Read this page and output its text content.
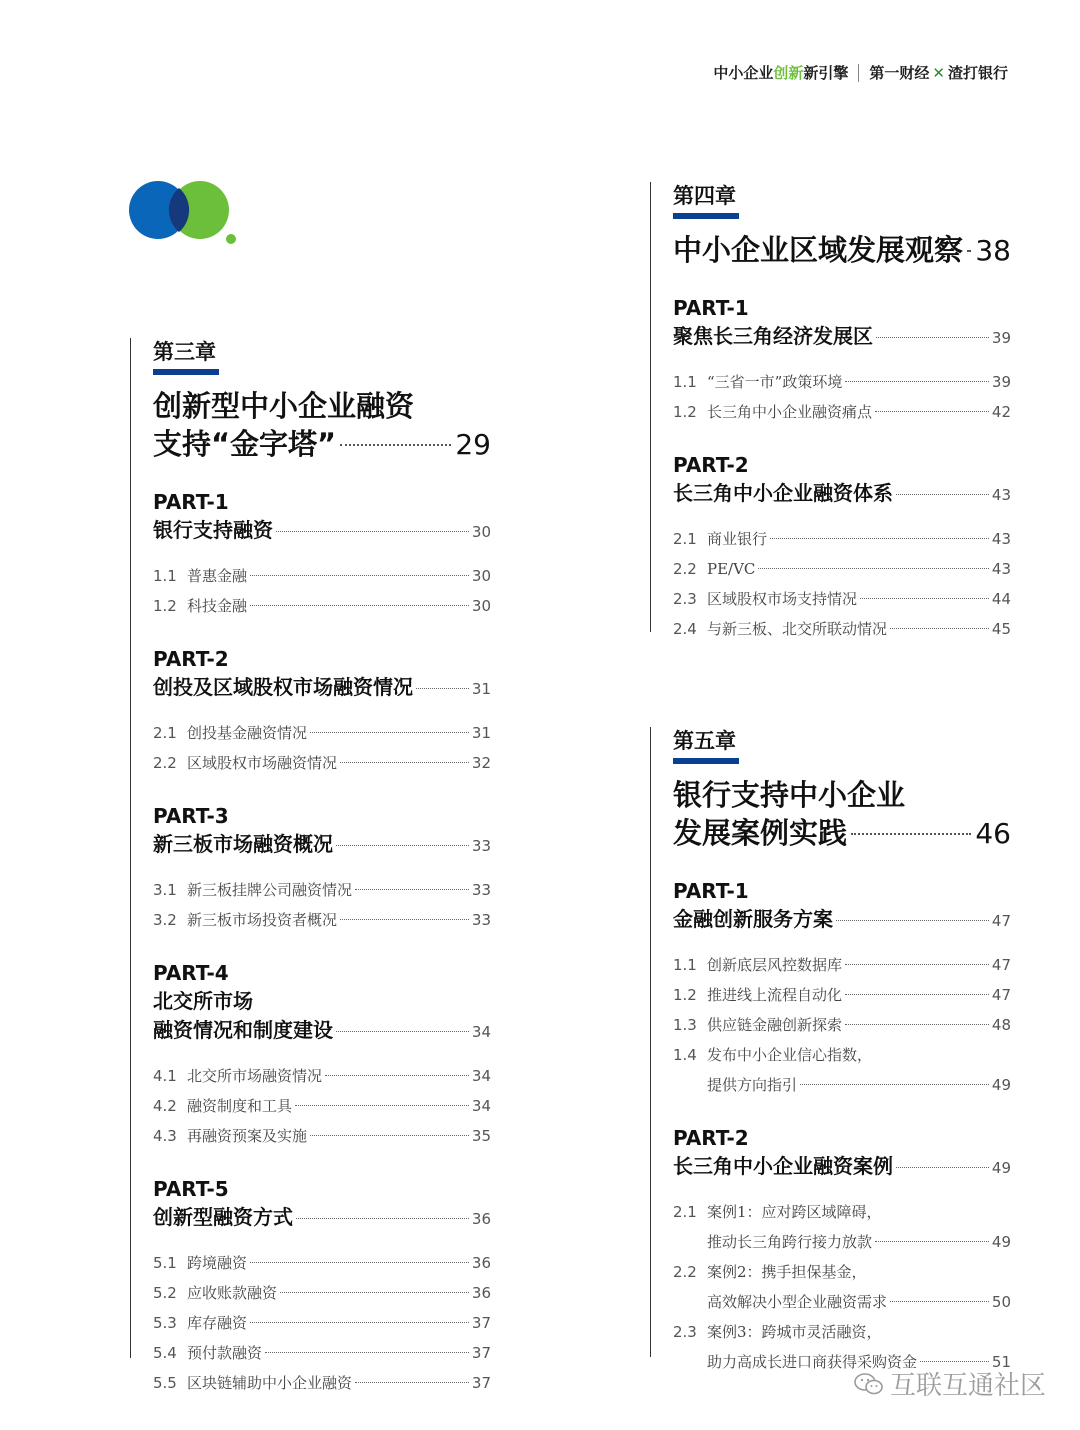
中小企业 创新 新引擎 第一财经 ✕ 渣打银行
第三章
创新型中小企业融资
支持“金字塔”	29
PART-1
银行支持融资	30
1.1 普惠金融	30
1.2 科技金融	30
PART-2
创投及区域股权市场融资情况	31
2.1 创投基金融资情况	31
2.2 区域股权市场融资情况	32
PART-3
新三板市场融资概况	33
3.1 新三板挂牌公司融资情况	33
3.2 新三板市场投资者概况	33
PART-4
北交所市场
融资情况和制度建设	34
4.1 北交所市场融资情况	34
4.2 融资制度和工具	34
4.3 再融资预案及实施	35
PART-5
创新型融资方式	36
5.1 跨境融资	36
5.2 应收账款融资	36
5.3 库存融资	37
5.4 预付款融资	37
5.5 区块链辅助中小企业融资	37
第四章
中小企业区域发展观察 38
PART-1
聚焦长三角经济发展区	39
1.1 “三省一市”政策环境	39
1.2 长三角中小企业融资痛点	42
PART-2
长三角中小企业融资体系	43
2.1 商业银行	43
2.2 PE/VC	43
2.3 区域股权市场支持情况	44
2.4 与新三板、北交所联动情况	45
第五章
银行支持中小企业
发展案例实践	46
PART-1
金融创新服务方案	47
1.1 创新底层风控数据库	47
1.2 推进线上流程自动化	47
1.3 供应链金融创新探索	48
1.4 发布中小企业信心指数，
提供方向指引	49
PART-2
长三角中小企业融资案例	49
2.1 案例1：应对跨区域障碍，
推动长三角跨行接力放款	49
2.2 案例2：携手担保基金，
高效解决小型企业融资需求	50
2.3 案例3：跨城市灵活融资，
助力高成长进口商获得采购资金	51
互联互通社区
